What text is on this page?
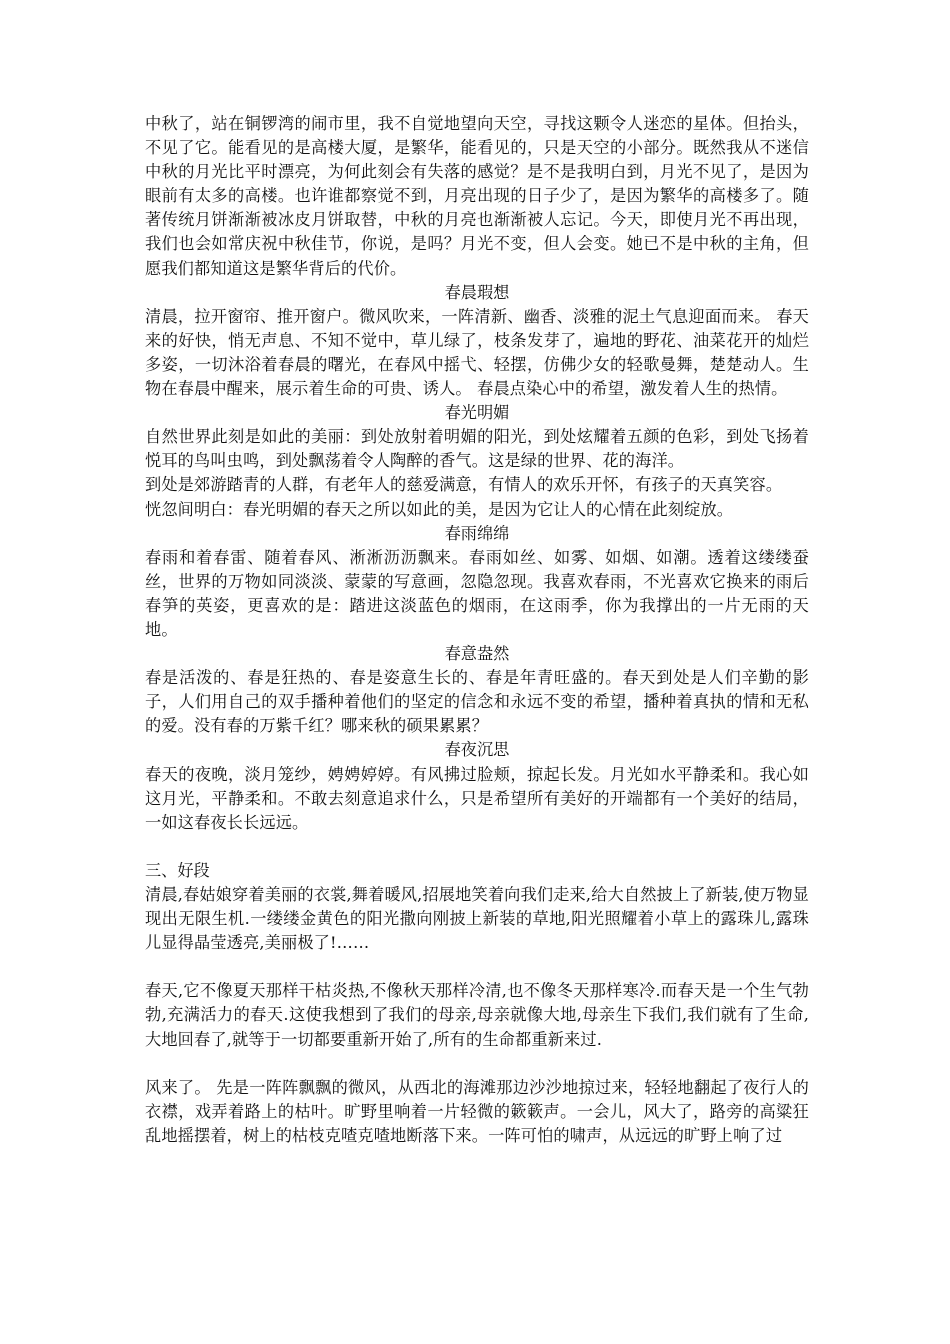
中秋了，站在铜锣湾的闹市里，我不自觉地望向天空，寻找这颗令人迷恋的星体。但抬头，不见了它。能看见的是高楼大厦，是繁华，能看见的，只是天空的小部分。既然我从不迷信中秋的月光比平时漂亮，为何此刻会有失落的感觉？是不是我明白到，月光不见了，是因为眼前有太多的高楼。也许谁都察觉不到，月亮出现的日子少了，是因为繁华的高楼多了。随著传统月饼渐渐被冰皮月饼取替，中秋的月亮也渐渐被人忘记。今天，即使月光不再出现，我们也会如常庆祝中秋佳节，你说，是吗？月光不变，但人会变。她已不是中秋的主角，但愿我们都知道这是繁华背后的代价。

春晨瑕想

清晨，拉开窗帘、推开窗户。微风吹来，一阵清新、幽香、淡雅的泥土气息迎面而来。 春天来的好快，悄无声息、不知不觉中，草儿绿了，枝条发芽了，遍地的野花、油菜花开的灿烂多姿，一切沐浴着春晨的曙光，在春风中摇弋、轻摆，仿佛少女的轻歌曼舞，楚楚动人。生物在春晨中醒来，展示着生命的可贵、诱人。 春晨点染心中的希望，激发着人生的热情。

春光明媚

自然世界此刻是如此的美丽：到处放射着明媚的阳光，到处炫耀着五颜的色彩，到处飞扬着悦耳的鸟叫虫鸣，到处飘荡着令人陶醉的香气。这是绿的世界、花的海洋。

到处是郊游踏青的人群，有老年人的慈爱满意，有情人的欢乐开怀，有孩子的天真笑容。

恍忽间明白：春光明媚的春天之所以如此的美，是因为它让人的心情在此刻绽放。

春雨绵绵

春雨和着春雷、随着春风、淅淅沥沥飘来。春雨如丝、如雾、如烟、如潮。透着这缕缕蚕丝，世界的万物如同淡淡、蒙蒙的写意画，忽隐忽现。我喜欢春雨，不光喜欢它换来的雨后春笋的英姿，更喜欢的是：踏进这淡蓝色的烟雨，在这雨季，你为我撑出的一片无雨的天地。

春意盎然

春是活泼的、春是狂热的、春是姿意生长的、春是年青旺盛的。春天到处是人们辛勤的影子，人们用自己的双手播种着他们的坚定的信念和永远不变的希望，播种着真执的情和无私的爱。没有春的万紫千红？哪来秋的硕果累累？

春夜沉思

春天的夜晚，淡月笼纱，娉娉婷婷。有风拂过脸颊，掠起长发。月光如水平静柔和。我心如这月光，平静柔和。不敢去刻意追求什么，只是希望所有美好的开端都有一个美好的结局，一如这春夜长长远远。

三、好段

清晨,春姑娘穿着美丽的衣裳,舞着暖风,招展地笑着向我们走来,给大自然披上了新装,使万物显现出无限生机.一缕缕金黄色的阳光撒向刚披上新装的草地,阳光照耀着小草上的露珠儿,露珠儿显得晶莹透亮,美丽极了!……

春天,它不像夏天那样干枯炎热,不像秋天那样冷清,也不像冬天那样寒冷.而春天是一个生气勃勃,充满活力的春天.这使我想到了我们的母亲,母亲就像大地,母亲生下我们,我们就有了生命,大地回春了,就等于一切都要重新开始了,所有的生命都重新来过.

风来了。 先是一阵阵飘飘的微风，从西北的海滩那边沙沙地掠过来，轻轻地翻起了夜行人的衣襟，戏弄着路上的枯叶。旷野里响着一片轻微的簌簌声。一会儿，风大了，路旁的高粱狂乱地摇摆着，树上的枯枝克喳克喳地断落下来。一阵可怕的啸声，从远远的旷野上响了过
